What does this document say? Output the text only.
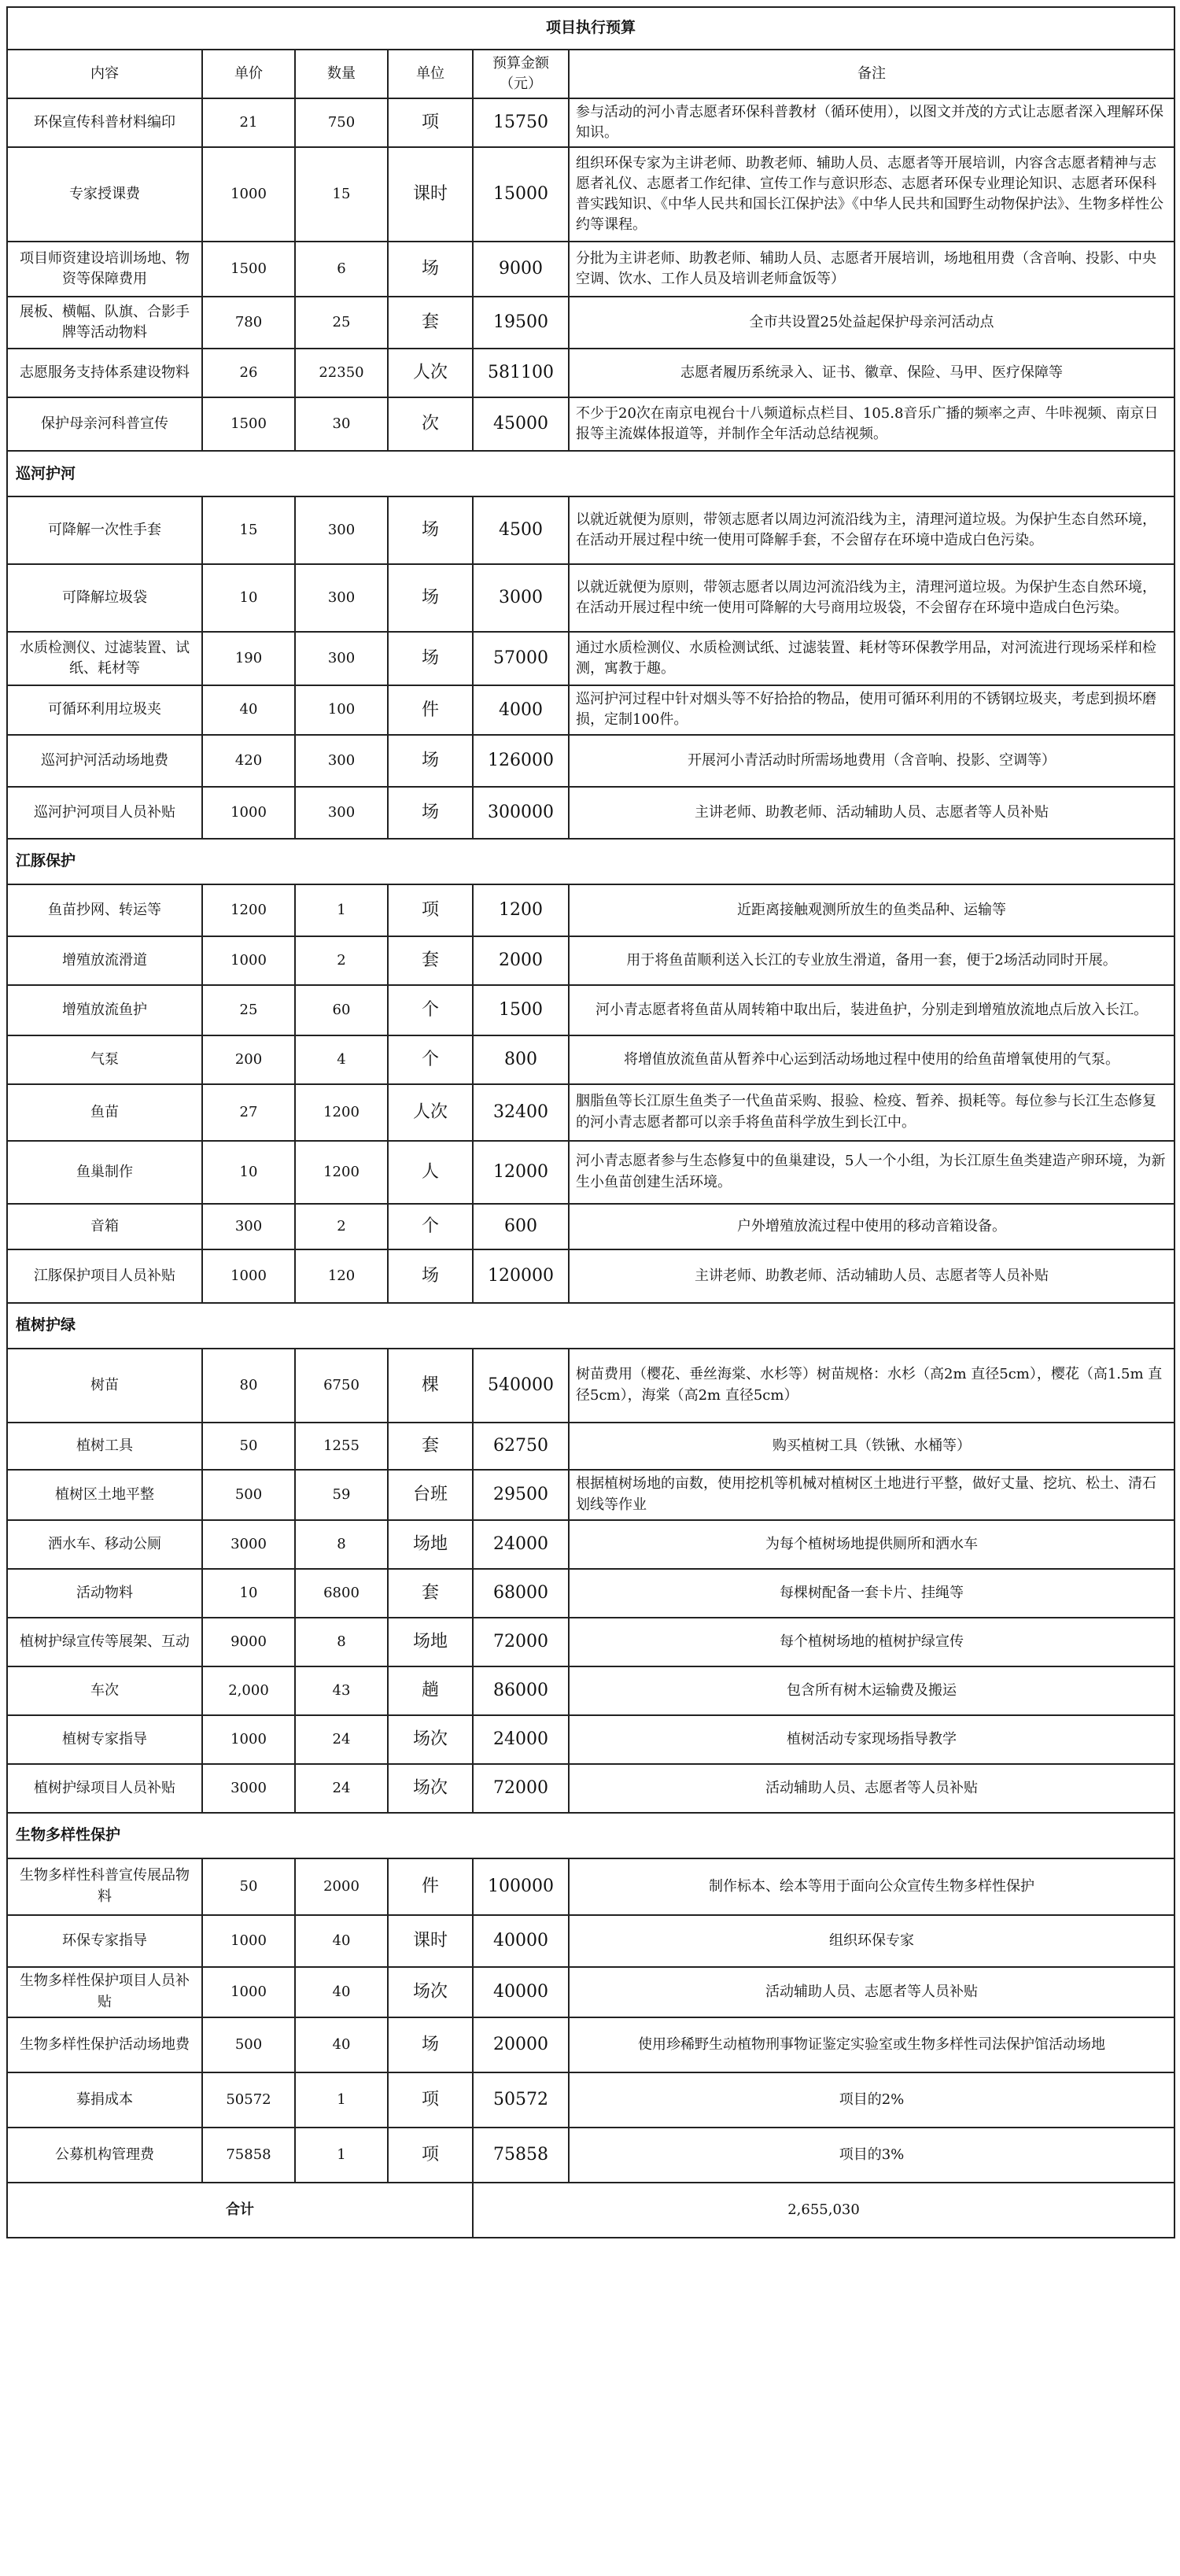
项目执行预算					
内容	单价	数量	单位	预算金额（元）	备注
环保宣传科普材料编印	21	750	项	15750	参与活动的河小青志愿者环保科普教材（循环使用），以图文并茂的方式让志愿者深入理解环保知识。
专家授课费	1000	15	课时	15000	组织环保专家为主讲老师、助教老师、辅助人员、志愿者等开展培训，内容含志愿者精神与志愿者礼仪、志愿者工作纪律、宣传工作与意识形态、志愿者环保专业理论知识、志愿者环保科普实践知识、《中华人民共和国长江保护法》《中华人民共和国野生动物保护法》、生物多样性公约等课程。
项目师资建设培训场地、物资等保障费用	1500	6	场	9000	分批为主讲老师、助教老师、辅助人员、志愿者开展培训，场地租用费（含音响、投影、中央空调、饮水、工作人员及培训老师盒饭等）
展板、横幅、队旗、合影手牌等活动物料	780	25	套	19500	全市共设置25处益起保护母亲河活动点
志愿服务支持体系建设物料	26	22350	人次	581100	志愿者履历系统录入、证书、徽章、保险、马甲、医疗保障等
保护母亲河科普宣传	1500	30	次	45000	不少于20次在南京电视台十八频道标点栏目、105.8音乐广播的频率之声、牛咔视频、南京日报等主流媒体报道等，并制作全年活动总结视频。
巡河护河					
可降解一次性手套	15	300	场	4500	以就近就便为原则，带领志愿者以周边河流沿线为主，清理河道垃圾。为保护生态自然环境，在活动开展过程中统一使用可降解手套，不会留存在环境中造成白色污染。
可降解垃圾袋	10	300	场	3000	以就近就便为原则，带领志愿者以周边河流沿线为主，清理河道垃圾。为保护生态自然环境，在活动开展过程中统一使用可降解的大号商用垃圾袋，不会留存在环境中造成白色污染。
水质检测仪、过滤装置、试纸、耗材等	190	300	场	57000	通过水质检测仪、水质检测试纸、过滤装置、耗材等环保教学用品，对河流进行现场采样和检测，寓教于趣。
可循环利用垃圾夹	40	100	件	4000	巡河护河过程中针对烟头等不好拾拾的物品，使用可循环利用的不锈钢垃圾夹，考虑到损坏磨损，定制100件。
巡河护河活动场地费	420	300	场	126000	开展河小青活动时所需场地费用（含音响、投影、空调等）
巡河护河项目人员补贴	1000	300	场	300000	主讲老师、助教老师、活动辅助人员、志愿者等人员补贴
江豚保护					
鱼苗抄网、转运等	1200	1	项	1200	近距离接触观测所放生的鱼类品种、运输等
增殖放流滑道	1000	2	套	2000	用于将鱼苗顺利送入长江的专业放生滑道，备用一套，便于2场活动同时开展。
增殖放流鱼护	25	60	个	1500	河小青志愿者将鱼苗从周转箱中取出后，装进鱼护，分别走到增殖放流地点后放入长江。
气泵	200	4	个	800	将增值放流鱼苗从暂养中心运到活动场地过程中使用的给鱼苗增氧使用的气泵。
鱼苗	27	1200	人次	32400	胭脂鱼等长江原生鱼类子一代鱼苗采购、报验、检疫、暂养、损耗等。每位参与长江生态修复的河小青志愿者都可以亲手将鱼苗科学放生到长江中。
鱼巢制作	10	1200	人	12000	河小青志愿者参与生态修复中的鱼巢建设，5人一个小组，为长江原生鱼类建造产卵环境，为新生小鱼苗创建生活环境。
音箱	300	2	个	600	户外增殖放流过程中使用的移动音箱设备。
江豚保护项目人员补贴	1000	120	场	120000	主讲老师、助教老师、活动辅助人员、志愿者等人员补贴
植树护绿					
树苗	80	6750	棵	540000	树苗费用（樱花、垂丝海棠、水杉等）树苗规格：水杉（高2m 直径5cm），樱花（高1.5m 直径5cm），海棠（高2m 直径5cm）
植树工具	50	1255	套	62750	购买植树工具（铁锹、水桶等）
植树区土地平整	500	59	台班	29500	根据植树场地的亩数，使用挖机等机械对植树区土地进行平整，做好丈量、挖坑、松土、清石划线等作业
洒水车、移动公厕	3000	8	场地	24000	为每个植树场地提供厕所和洒水车
活动物料	10	6800	套	68000	每棵树配备一套卡片、挂绳等
植树护绿宣传等展架、互动	9000	8	场地	72000	每个植树场地的植树护绿宣传
车次	2,000	43	趟	86000	包含所有树木运输费及搬运
植树专家指导	1000	24	场次	24000	植树活动专家现场指导教学
植树护绿项目人员补贴	3000	24	场次	72000	活动辅助人员、志愿者等人员补贴
生物多样性保护					
生物多样性科普宣传展品物料	50	2000	件	100000	制作标本、绘本等用于面向公众宣传生物多样性保护
环保专家指导	1000	40	课时	40000	组织环保专家
生物多样性保护项目人员补贴	1000	40	场次	40000	活动辅助人员、志愿者等人员补贴
生物多样性保护活动场地费	500	40	场	20000	使用珍稀野生动植物刑事物证鉴定实验室或生物多样性司法保护馆活动场地
募捐成本	50572	1	项	50572	项目的2%
公募机构管理费	75858	1	项	75858	项目的3%
合计				2,655,030	
